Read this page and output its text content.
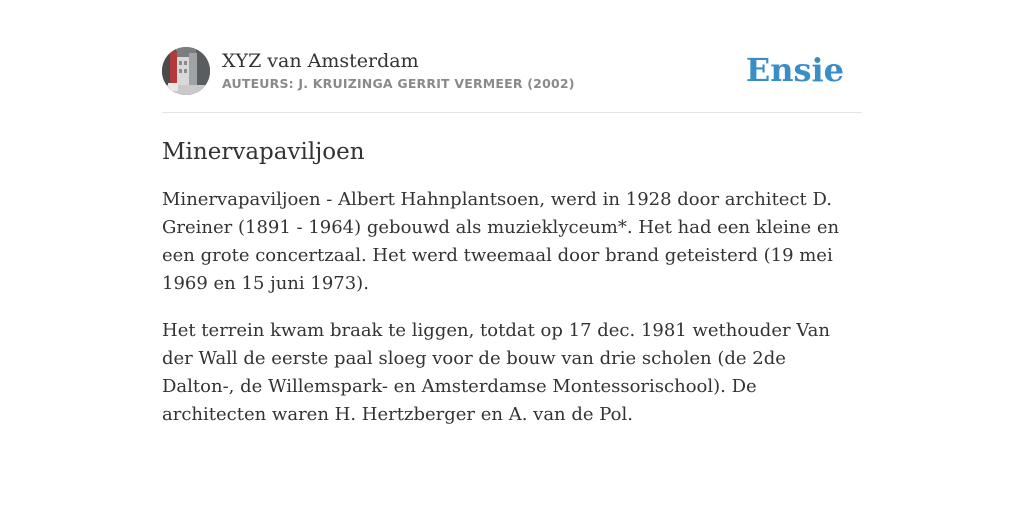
XYZ van Amsterdam
AUTEURS: J. KRUIZINGA GERRIT VERMEER (2002)	Ensie
Minervapaviljoen

Minervapaviljoen - Albert Hahnplantsoen, werd in 1928 door architect D. Greiner (1891 - 1964) gebouwd als muzieklyceum*. Het had een kleine en een grote concertzaal. Het werd tweemaal door brand geteisterd (19 mei 1969 en 15 juni 1973).

Het terrein kwam braak te liggen, totdat op 17 dec. 1981 wethouder Van der Wall de eerste paal sloeg voor de bouw van drie scholen (de 2de Dalton-, de Willemspark- en Amsterdamse Montessorischool). De architecten waren H. Hertzberger en A. van de Pol.
